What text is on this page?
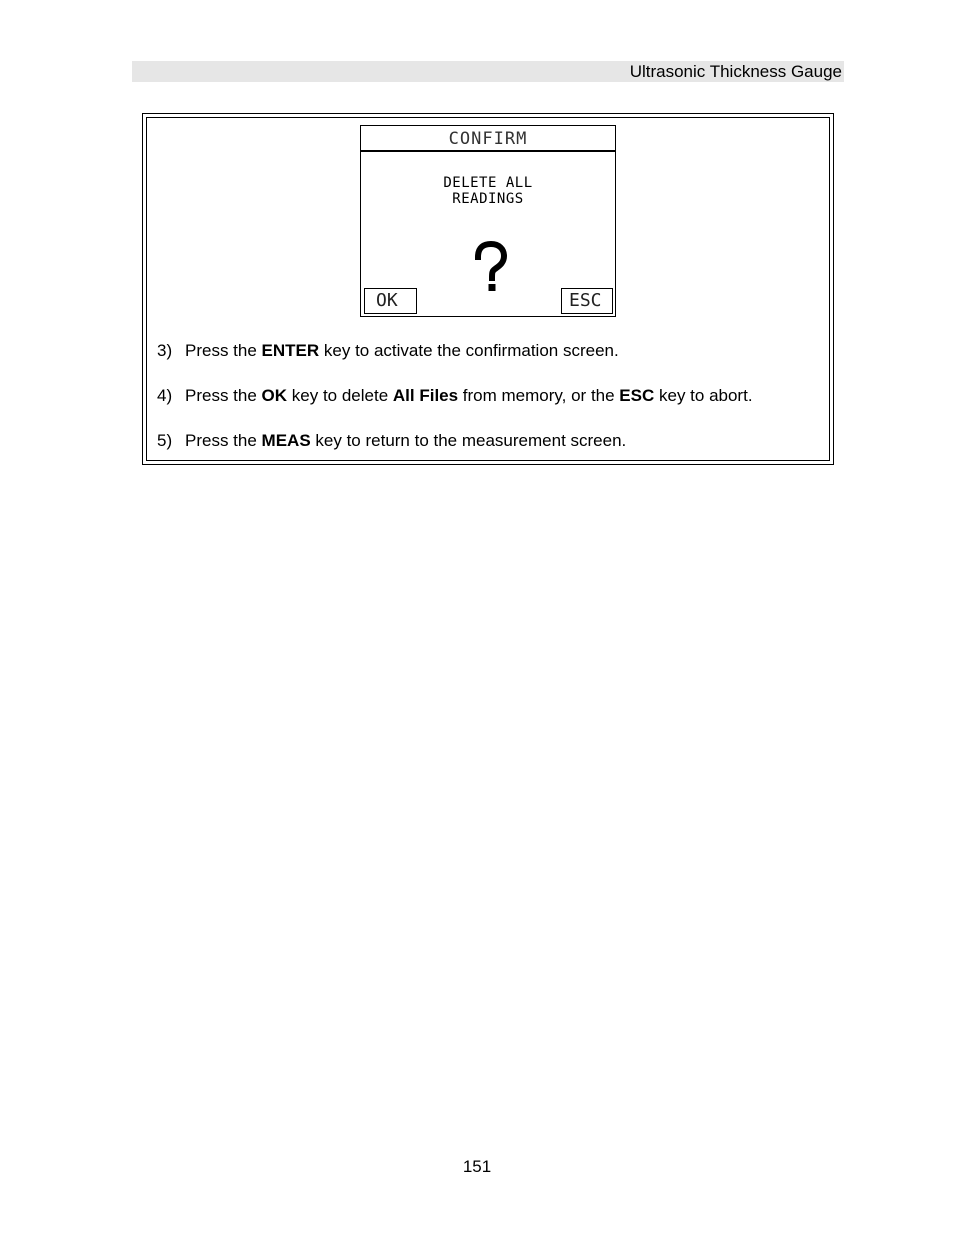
Ultrasonic Thickness Gauge
CONFIRM
DELETE ALL
READINGS
OK	ESC
3) Press the ENTER key to activate the confirmation screen.
4) Press the OK key to delete All Files from memory, or the ESC key to abort.
5) Press the MEAS key to return to the measurement screen.
151
